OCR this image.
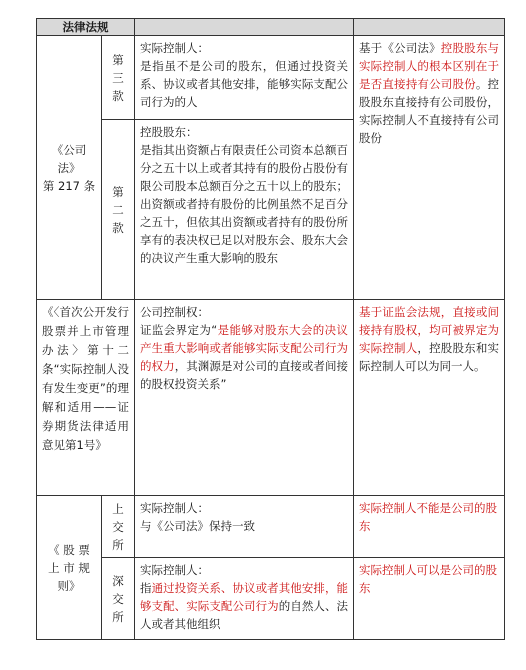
法律法规			

《公司
法》
第 217 条	第
三
款	实际控制人：
是指虽不是公司的股东，但通过投资关系、协议或者其他安排，能够实际支配公司行为的人	基于《公司法》控股股东与实际控制人的根本区别在于是否直接持有公司股份。控股股东直接持有公司股份，实际控制人不直接持有公司股份

	第
二
款	控股股东：
是指其出资额占有限责任公司资本总额百分之五十以上或者其持有的股份占股份有限公司股本总额百分之五十以上的股东；出资额或者持有股份的比例虽然不足百分之五十，但依其出资额或者持有的股份所享有的表决权已足以对股东会、股东大会的决议产生重大影响的股东	
《〈首次公开发行股票并上市管理办法〉第十二条“实际控制人没有发生变更”的理解和适用——证券期货法律适用意见第1号》		公司控制权：
证监会界定为“是能够对股东大会的决议产生重大影响或者能够实际支配公司行为的权力，其渊源是对公司的直接或者间接的股权投资关系”	基于证监会法规，直接或间接持有股权，均可被界定为实际控制人，控股股东和实际控制人可以为同一人。

《 股 票
上 市 规
则》	上
交
所	实际控制人：
与《公司法》保持一致	实际控制人不能是公司的股东

	深
交
所	实际控制人：
指通过投资关系、协议或者其他安排，能够支配、实际支配公司行为的自然人、法人或者其他组织	实际控制人可以是公司的股东
